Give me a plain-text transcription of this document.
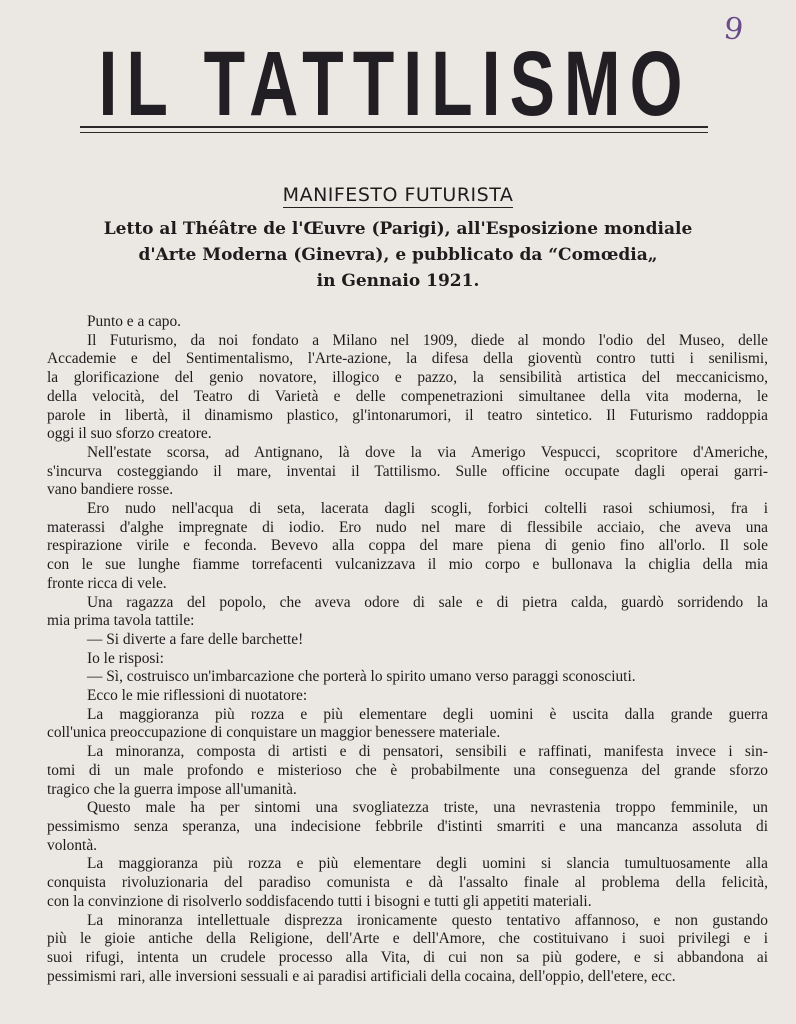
IL TATTILISMO
9
MANIFESTO FUTURISTA
Letto al Théâtre de l'Œuvre (Parigi), all'Esposizione mondiale
d'Arte Moderna (Ginevra), e pubblicato da “Comœdia„
in Gennaio 1921.
Punto e a capo.
Il Futurismo, da noi fondato a Milano nel 1909, diede al mondo l'odio del Museo, delle
Accademie e del Sentimentalismo, l'Arte-azione, la difesa della gioventù contro tutti i senilismi,
la glorificazione del genio novatore, illogico e pazzo, la sensibilità artistica del meccanicismo,
della velocità, del Teatro di Varietà e delle compenetrazioni simultanee della vita moderna, le
parole in libertà, il dinamismo plastico, gl'intonarumori, il teatro sintetico. Il Futurismo raddoppia
oggi il suo sforzo creatore.
Nell'estate scorsa, ad Antignano, là dove la via Amerigo Vespucci, scopritore d'Americhe,
s'incurva costeggiando il mare, inventai il Tattilismo. Sulle officine occupate dagli operai garri-
vano bandiere rosse.
Ero nudo nell'acqua di seta, lacerata dagli scogli, forbici coltelli rasoi schiumosi, fra i
materassi d'alghe impregnate di iodio. Ero nudo nel mare di flessibile acciaio, che aveva una
respirazione virile e feconda. Bevevo alla coppa del mare piena di genio fino all'orlo. Il sole
con le sue lunghe fiamme torrefacenti vulcanizzava il mio corpo e bullonava la chiglia della mia
fronte ricca di vele.
Una ragazza del popolo, che aveva odore di sale e di pietra calda, guardò sorridendo la
mia prima tavola tattile:
— Si diverte a fare delle barchette!
Io le risposi:
— Sì, costruisco un'imbarcazione che porterà lo spirito umano verso paraggi sconosciuti.
Ecco le mie riflessioni di nuotatore:
La maggioranza più rozza e più elementare degli uomini è uscita dalla grande guerra
coll'unica preoccupazione di conquistare un maggior benessere materiale.
La minoranza, composta di artisti e di pensatori, sensibili e raffinati, manifesta invece i sin-
tomi di un male profondo e misterioso che è probabilmente una conseguenza del grande sforzo
tragico che la guerra impose all'umanità.
Questo male ha per sintomi una svogliatezza triste, una nevrastenia troppo femminile, un
pessimismo senza speranza, una indecisione febbrile d'istinti smarriti e una mancanza assoluta di
volontà.
La maggioranza più rozza e più elementare degli uomini si slancia tumultuosamente alla
conquista rivoluzionaria del paradiso comunista e dà l'assalto finale al problema della felicità,
con la convinzione di risolverlo soddisfacendo tutti i bisogni e tutti gli appetiti materiali.
La minoranza intellettuale disprezza ironicamente questo tentativo affannoso, e non gustando
più le gioie antiche della Religione, dell'Arte e dell'Amore, che costituivano i suoi privilegi e i
suoi rifugi, intenta un crudele processo alla Vita, di cui non sa più godere, e si abbandona ai
pessimismi rari, alle inversioni sessuali e ai paradisi artificiali della cocaina, dell'oppio, dell'etere, ecc.
